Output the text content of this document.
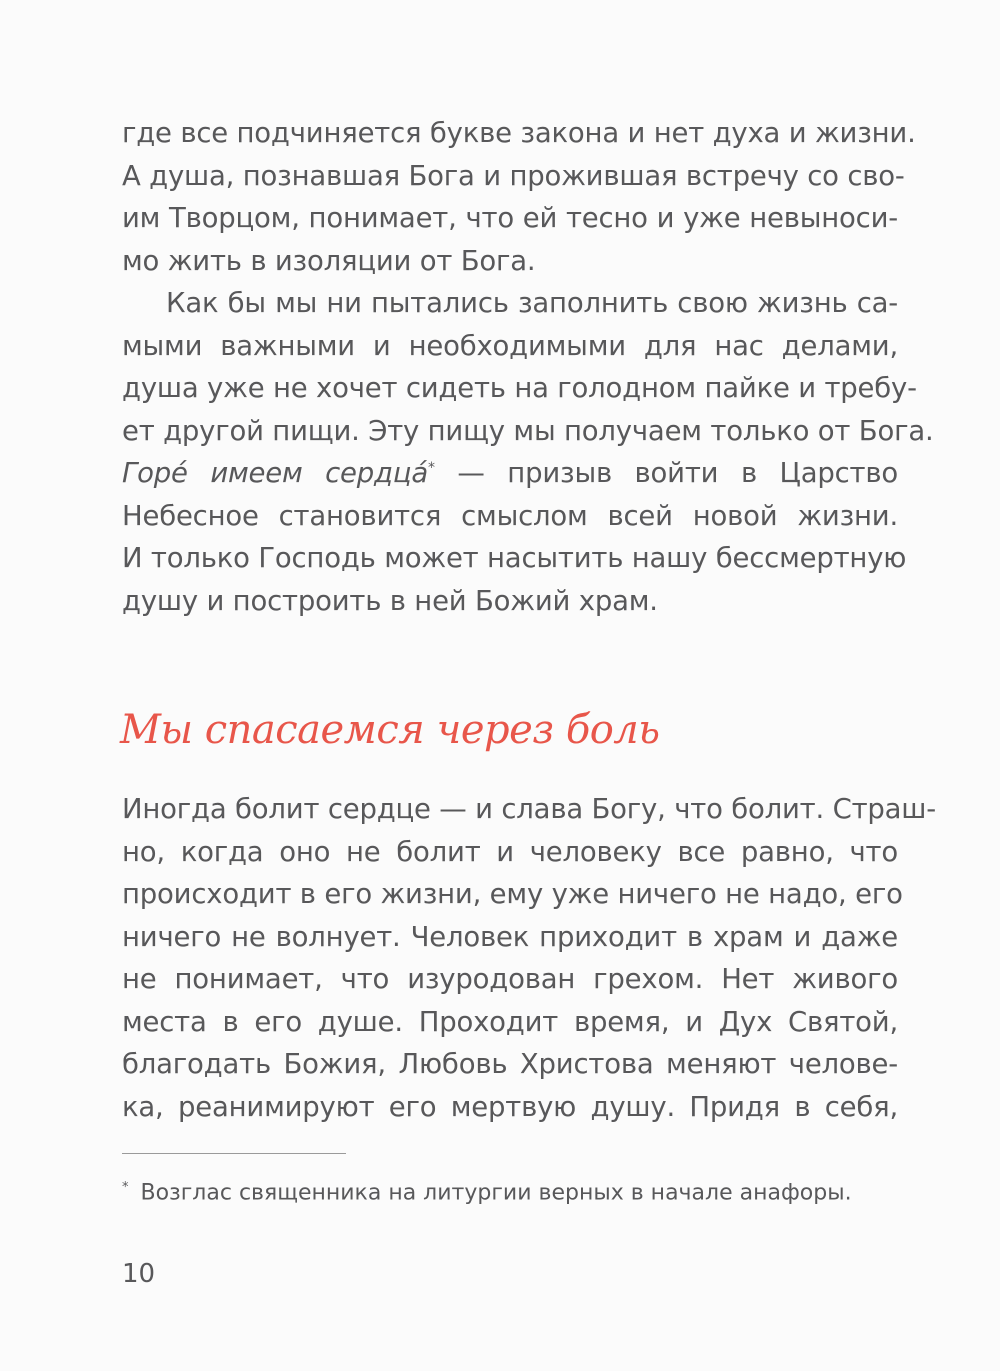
где все подчиняется букве закона и нет духа и жизни.
А душа, познавшая Бога и прожившая встречу со сво-
им Творцом, понимает, что ей тесно и уже невыноси-
мо жить в изоляции от Бога.
Как бы мы ни пытались заполнить свою жизнь са-
мыми важными и необходимыми для нас делами,
душа уже не хочет сидеть на голодном пайке и требу-
ет другой пищи. Эту пищу мы получаем только от Бога.
Горé имеем сердцá* — призыв войти в Царство
Небесное становится смыслом всей новой жизни.
И только Господь может насытить нашу бессмертную
душу и построить в ней Божий храм.
Мы спасаемся через боль
Иногда болит сердце — и слава Богу, что болит. Страш-
но, когда оно не болит и человеку все равно, что
происходит в его жизни, ему уже ничего не надо, его
ничего не волнует. Человек приходит в храм и даже
не понимает, что изуродован грехом. Нет живого
места в его душе. Проходит время, и Дух Святой,
благодать Божия, Любовь Христова меняют челове-
ка, реанимируют его мертвую душу. Придя в себя,
* Возглас священника на литургии верных в начале анафоры.
10
